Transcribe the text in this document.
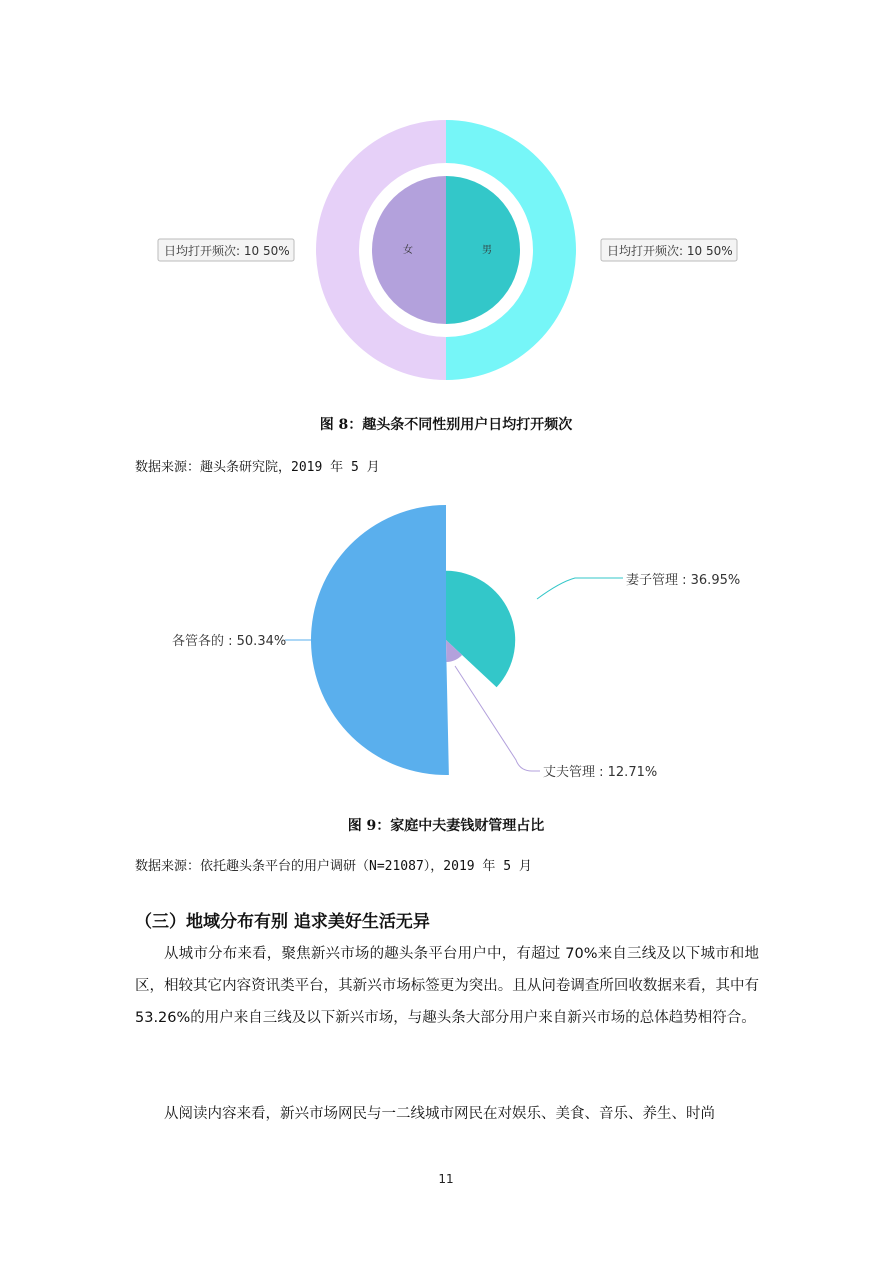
女	男
日均打开频次: 10 50%	日均打开频次: 10 50%
图 8：趣头条不同性别用户日均打开频次
数据来源：趣头条研究院，2019 年 5 月
妻子管理 : 36.95%
各管各的 : 50.34%
丈夫管理 : 12.71%
图 9：家庭中夫妻钱财管理占比
数据来源：依托趣头条平台的用户调研（N=21087），2019 年 5 月
（三）地域分布有别 追求美好生活无异

从城市分布来看，聚焦新兴市场的趣头条平台用户中，有超过 70%来自三线及以下城市和地区，相较其它内容资讯类平台，其新兴市场标签更为突出。且从问卷调查所回收数据来看，其中有 53.26%的用户来自三线及以下新兴市场，与趣头条大部分用户来自新兴市场的总体趋势相符合。

从阅读内容来看，新兴市场网民与一二线城市网民在对娱乐、美食、音乐、养生、时尚

11
